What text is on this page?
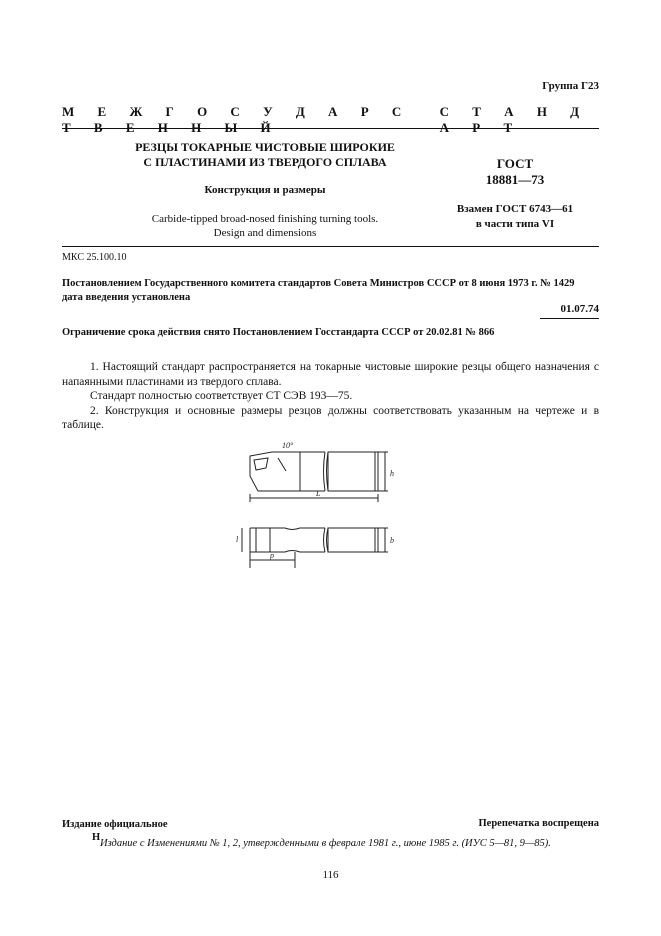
Группа Г23
М Е Ж Г О С У Д А Р С Т В Е Н Н Ы Й
С Т А Н Д А Р Т
РЕЗЦЫ ТОКАРНЫЕ ЧИСТОВЫЕ ШИРОКИЕ
С ПЛАСТИНАМИ ИЗ ТВЕРДОГО СПЛАВА
Конструкция и размеры
Carbide-tipped broad-nosed finishing turning tools.
Design and dimensions
ГОСТ
18881—73
Взамен ГОСТ 6743—61
в части типа VI
МКС 25.100.10
Постановлением Государственного комитета стандартов Совета Министров СССР от 8 июня 1973 г. № 1429
дата введения установлена
01.07.74
Ограничение срока действия снято Постановлением Госстандарта СССР от 20.02.81 № 866

1. Настоящий стандарт распространяется на токарные чистовые широкие резцы общего назначения с напаянными пластинами из твердого сплава.

Стандарт полностью соответствует СТ СЭВ 193—75.

2. Конструкция и основные размеры резцов должны соответствовать указанным на чертеже и в таблице.

10°
h
L
b
l
p
Издание официальное
Н
Перепечатка воспрещена
Издание с Изменениями № 1, 2, утвержденными в феврале 1981 г., июне 1985 г. (ИУС 5—81, 9—85).
116
